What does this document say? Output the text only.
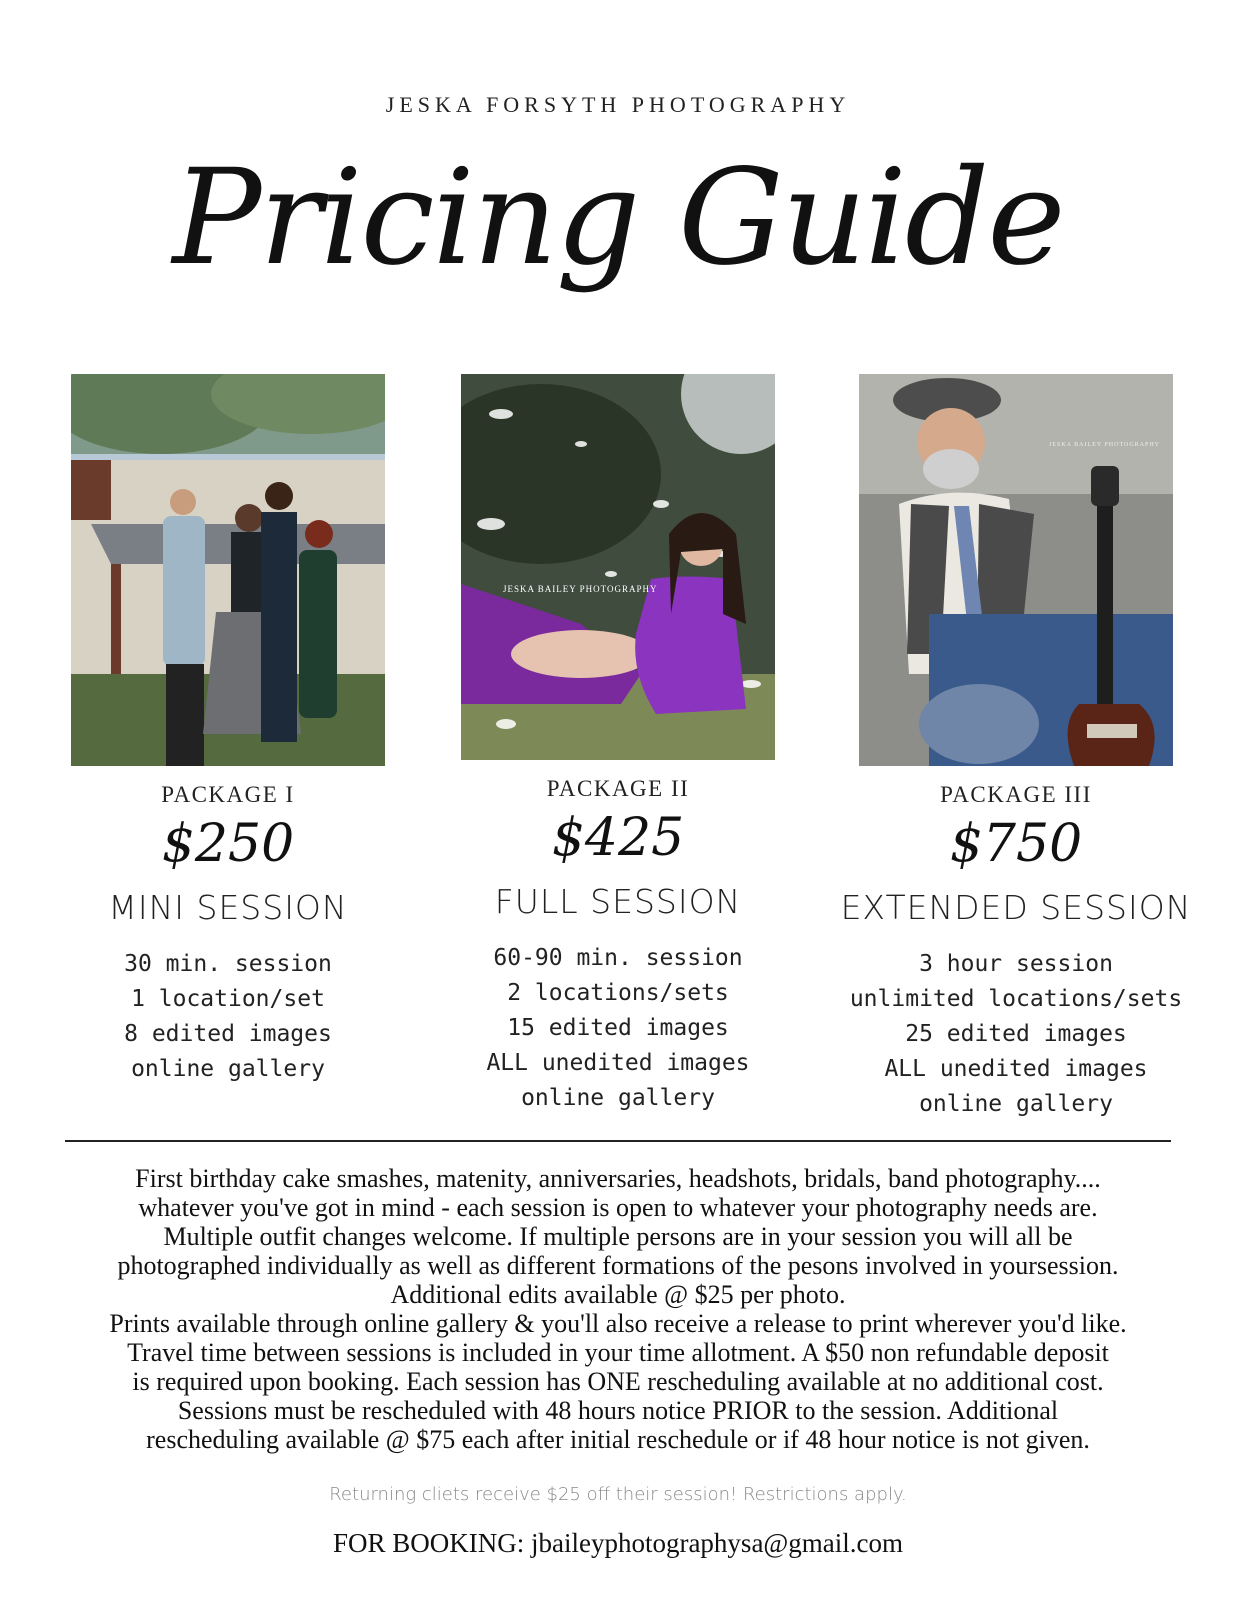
JESKA FORSYTH PHOTOGRAPHY
Pricing Guide
PACKAGE I
$250
MINI SESSION
30 min. session
1 location/set
8 edited images
online gallery
JESKA BAILEY PHOTOGRAPHY
PACKAGE II
$425
FULL SESSION
60-90 min. session
2 locations/sets
15 edited images
ALL unedited images
online gallery
JESKA BAILEY PHOTOGRAPHY
PACKAGE III
$750
EXTENDED SESSION
3 hour session
unlimited locations/sets
25 edited images
ALL unedited images
online gallery

First birthday cake smashes, matenity, anniversaries, headshots, bridals, band photography....

whatever you've got in mind - each session is open to whatever your photography needs are.

Multiple outfit changes welcome. If multiple persons are in your session you will all be

photographed individually as well as different formations of the pesons involved in yoursession.

Additional edits available @ $25 per photo.

Prints available through online gallery & you'll also receive a release to print wherever you'd like.

Travel time between sessions is included in your time allotment. A $50 non refundable deposit

is required upon booking. Each session has ONE rescheduling available at no additional cost.

Sessions must be rescheduled with 48 hours notice PRIOR to the session. Additional

rescheduling available @ $75 each after initial reschedule or if 48 hour notice is not given.

Returning cliets receive $25 off their session! Restrictions apply.
FOR BOOKING: jbaileyphotographysa@gmail.com
